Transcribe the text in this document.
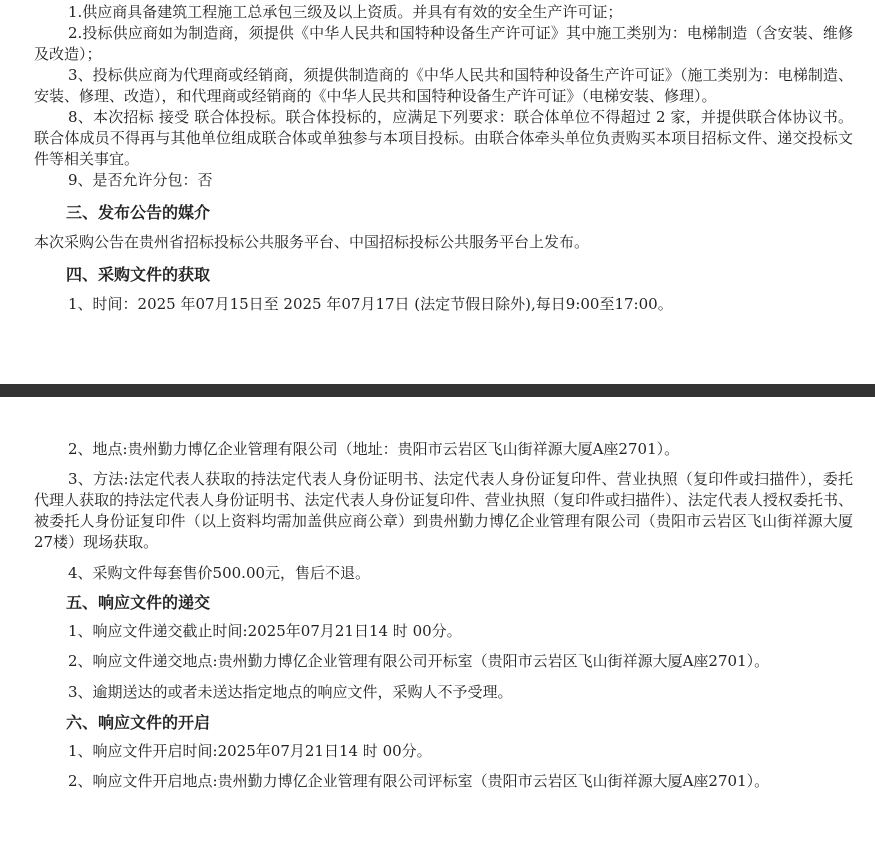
1.供应商具备建筑工程施工总承包三级及以上资质。并具有有效的安全生产许可证；

2.投标供应商如为制造商，须提供《中华人民共和国特种设备生产许可证》其中施工类别为：电梯制造（含安装、维修及改造）；

3、投标供应商为代理商或经销商，须提供制造商的《中华人民共和国特种设备生产许可证》（施工类别为：电梯制造、安装、修理、改造），和代理商或经销商的《中华人民共和国特种设备生产许可证》（电梯安装、修理）。

8、本次招标 接受 联合体投标。联合体投标的，应满足下列要求：联合体单位不得超过 2 家，并提供联合体协议书。联合体成员不得再与其他单位组成联合体或单独参与本项目投标。由联合体牵头单位负责购买本项目招标文件、递交投标文件等相关事宜。

9、是否允许分包：否

三、发布公告的媒介

本次采购公告在贵州省招标投标公共服务平台、中国招标投标公共服务平台上发布。

四、采购文件的获取

1、时间：2025 年07月15日至 2025 年07月17日 (法定节假日除外),每日9:00至17:00。

2、地点:贵州勤力博亿企业管理有限公司（地址：贵阳市云岩区飞山街祥源大厦A座2701）。

3、方法:法定代表人获取的持法定代表人身份证明书、法定代表人身份证复印件、营业执照（复印件或扫描件），委托代理人获取的持法定代表人身份证明书、法定代表人身份证复印件、营业执照（复印件或扫描件）、法定代表人授权委托书、被委托人身份证复印件（以上资料均需加盖供应商公章）到贵州勤力博亿企业管理有限公司（贵阳市云岩区飞山街祥源大厦27楼）现场获取。

4、采购文件每套售价500.00元，售后不退。

五、响应文件的递交

1、响应文件递交截止时间:2025年07月21日14 时 00分。

2、响应文件递交地点:贵州勤力博亿企业管理有限公司开标室（贵阳市云岩区飞山街祥源大厦A座2701）。

3、逾期送达的或者未送达指定地点的响应文件，采购人不予受理。

六、响应文件的开启

1、响应文件开启时间:2025年07月21日14 时 00分。

2、响应文件开启地点:贵州勤力博亿企业管理有限公司评标室（贵阳市云岩区飞山街祥源大厦A座2701）。
